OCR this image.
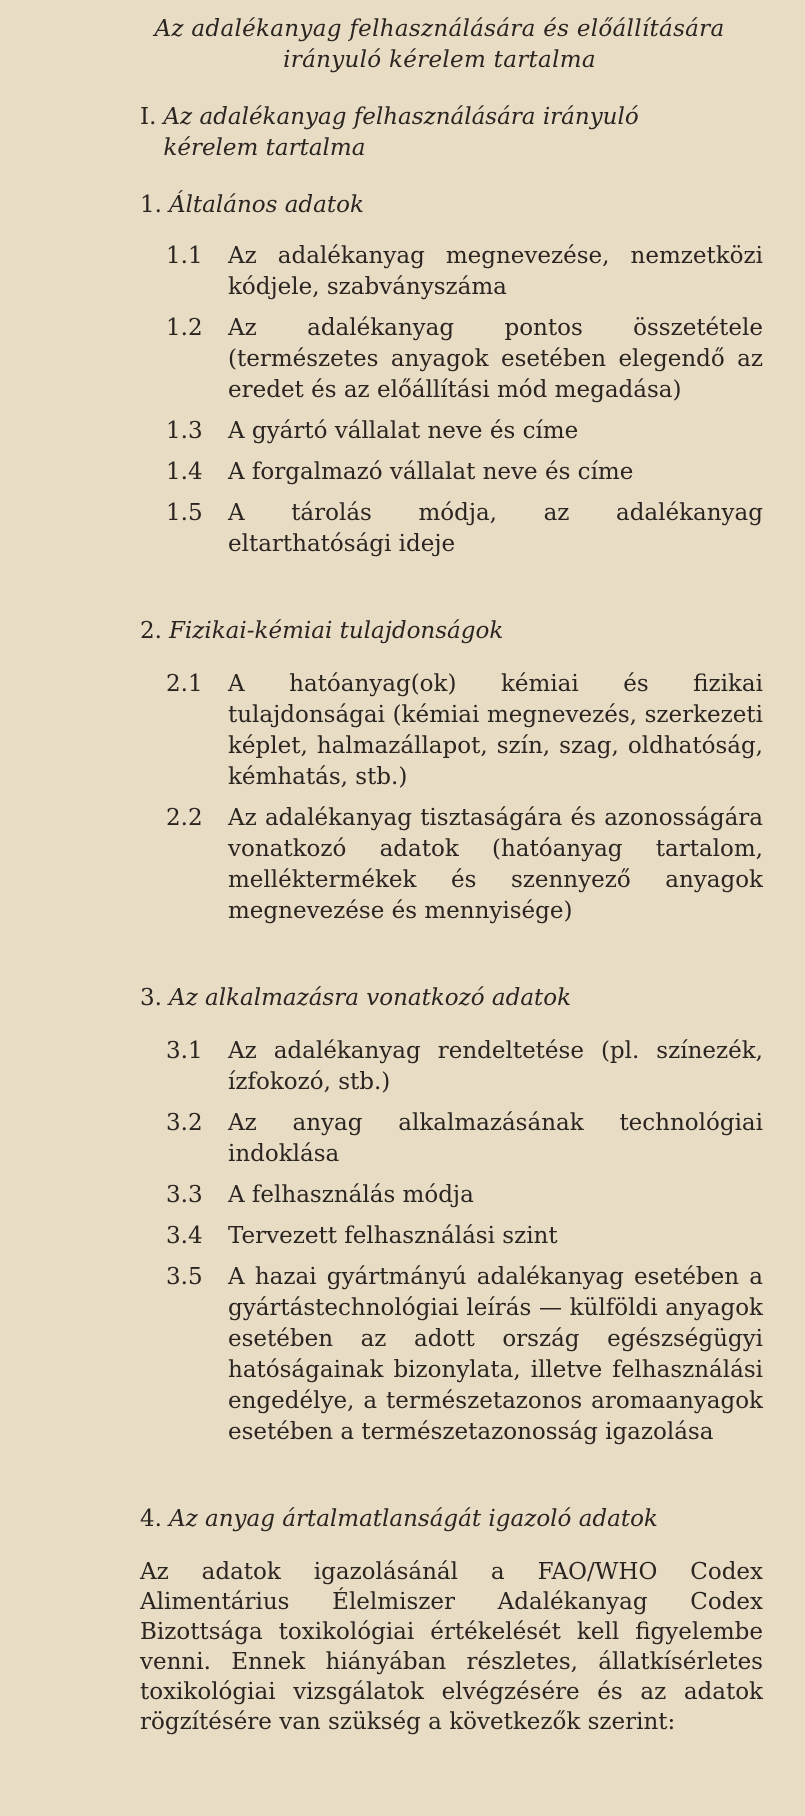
Az adalékanyag felhasználására és előállítására
irányuló kérelem tartalma
I. Az adalékanyag felhasználására irányuló
kérelem tartalma
1. Általános adatok
1.1	Az adalékanyag megnevezése, nemzetközi kódjele, szabványszáma
1.2	Az adalékanyag pontos összetétele (természetes anyagok esetében elegendő az eredet és az előállítási mód megadása)
1.3	A gyártó vállalat neve és címe
1.4	A forgalmazó vállalat neve és címe
1.5	A tárolás módja, az adalékanyag eltarthatósági ideje
2. Fizikai-kémiai tulajdonságok
2.1	A hatóanyag(ok) kémiai és fizikai tulajdonságai (kémiai megnevezés, szerkezeti képlet, halmazállapot, szín, szag, oldhatóság, kémhatás, stb.)
2.2	Az adalékanyag tisztaságára és azonosságára vonatkozó adatok (hatóanyag tartalom, melléktermékek és szennyező anyagok megnevezése és mennyisége)
3. Az alkalmazásra vonatkozó adatok
3.1	Az adalékanyag rendeltetése (pl. színezék, ízfokozó, stb.)
3.2	Az anyag alkalmazásának technológiai indoklása
3.3	A felhasználás módja
3.4	Tervezett felhasználási szint
3.5	A hazai gyártmányú adalékanyag esetében a gyártástechnológiai leírás — külföldi anyagok esetében az adott ország egészségügyi hatóságainak bizonylata, illetve felhasználási engedélye, a természetazonos aromaanyagok esetében a természetazonosság igazolása
4. Az anyag ártalmatlanságát igazoló adatok
Az adatok igazolásánál a FAO/WHO Codex Alimentárius Élelmiszer Adalékanyag Codex Bizottsága toxikológiai értékelését kell figyelembe venni. Ennek hiányában részletes, állatkísérletes toxikológiai vizsgálatok elvégzésére és az adatok rögzítésére van szükség a következők szerint:
